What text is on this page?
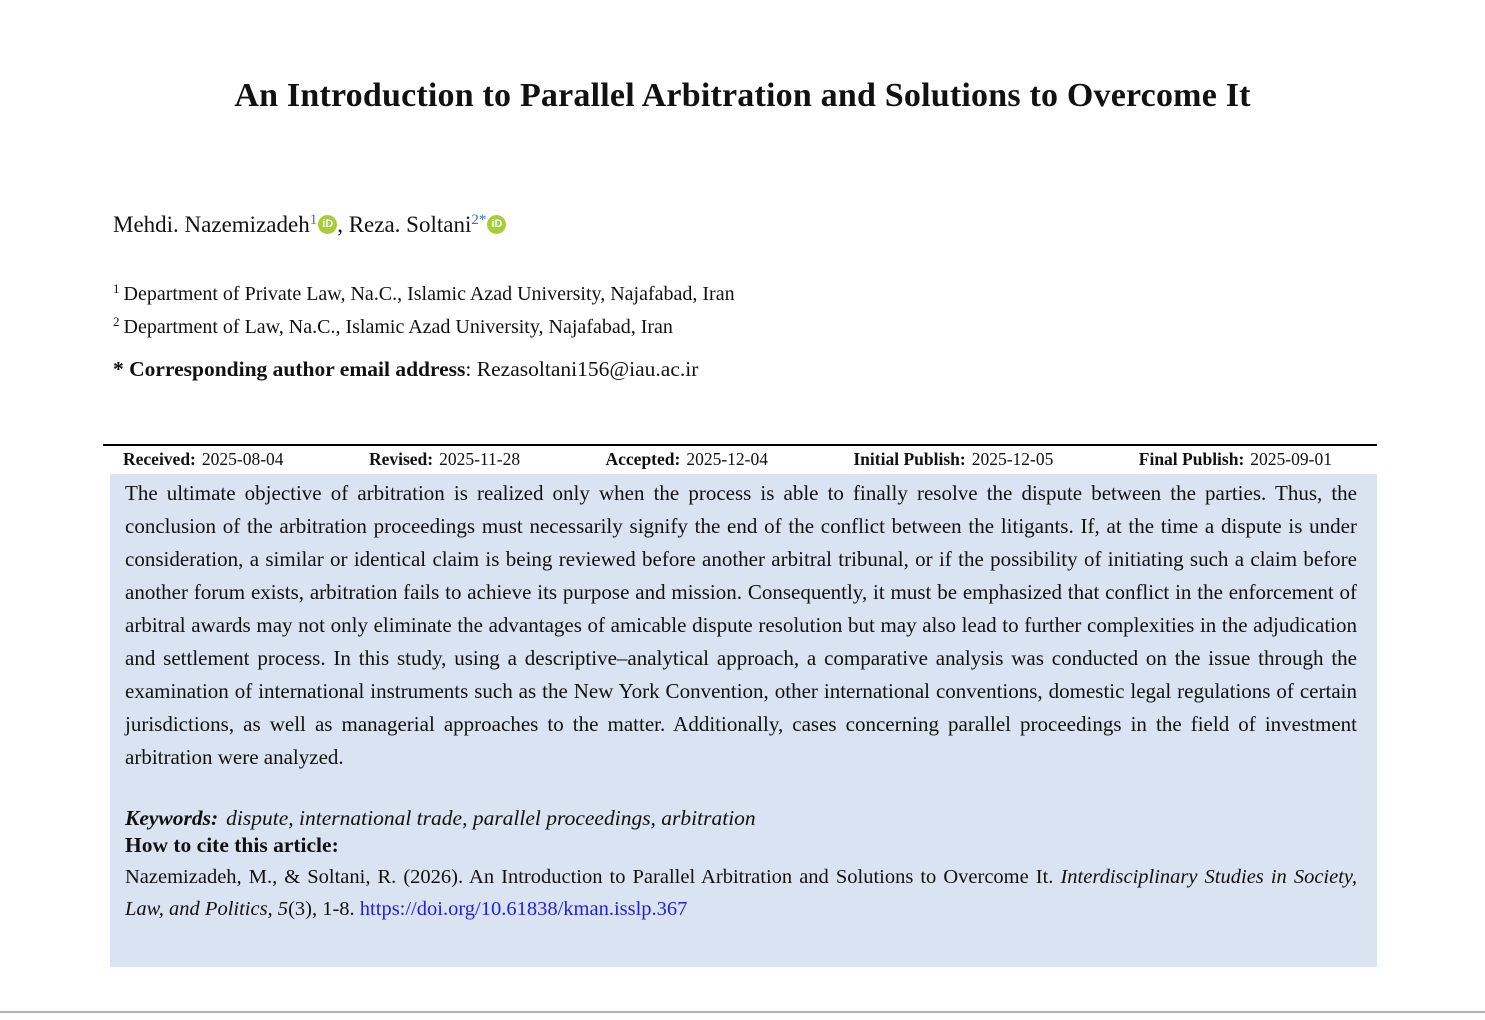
An Introduction to Parallel Arbitration and Solutions to Overcome It
Mehdi. Nazemizadeh$^1$ iD , Reza. Soltani$^{2*}$ iD
$^1$ Department of Private Law, Na.C., Islamic Azad University, Najafabad, Iran
$^2$ Department of Law, Na.C., Islamic Azad University, Najafabad, Iran
* Corresponding author email address: Rezasoltani156@iau.ac.ir
Received: 2025-08-04	Revised: 2025-11-28	Accepted: 2025-12-04	Initial Publish: 2025-12-05	Final Publish: 2025-09-01
The ultimate objective of arbitration is realized only when the process is able to finally resolve the dispute between the parties. Thus, the conclusion of the arbitration proceedings must necessarily signify the end of the conflict between the litigants. If, at the time a dispute is under consideration, a similar or identical claim is being reviewed before another arbitral tribunal, or if the possibility of initiating such a claim before another forum exists, arbitration fails to achieve its purpose and mission. Consequently, it must be emphasized that conflict in the enforcement of arbitral awards may not only eliminate the advantages of amicable dispute resolution but may also lead to further complexities in the adjudication and settlement process. In this study, using a descriptive–analytical approach, a comparative analysis was conducted on the issue through the examination of international instruments such as the New York Convention, other international conventions, domestic legal regulations of certain jurisdictions, as well as managerial approaches to the matter. Additionally, cases concerning parallel proceedings in the field of investment arbitration were analyzed.
Keywords: dispute, international trade, parallel proceedings, arbitration
How to cite this article:
Nazemizadeh, M., & Soltani, R. (2026). An Introduction to Parallel Arbitration and Solutions to Overcome It. Interdisciplinary Studies in Society, Law, and Politics, 5(3), 1-8. https://doi.org/10.61838/kman.isslp.367
